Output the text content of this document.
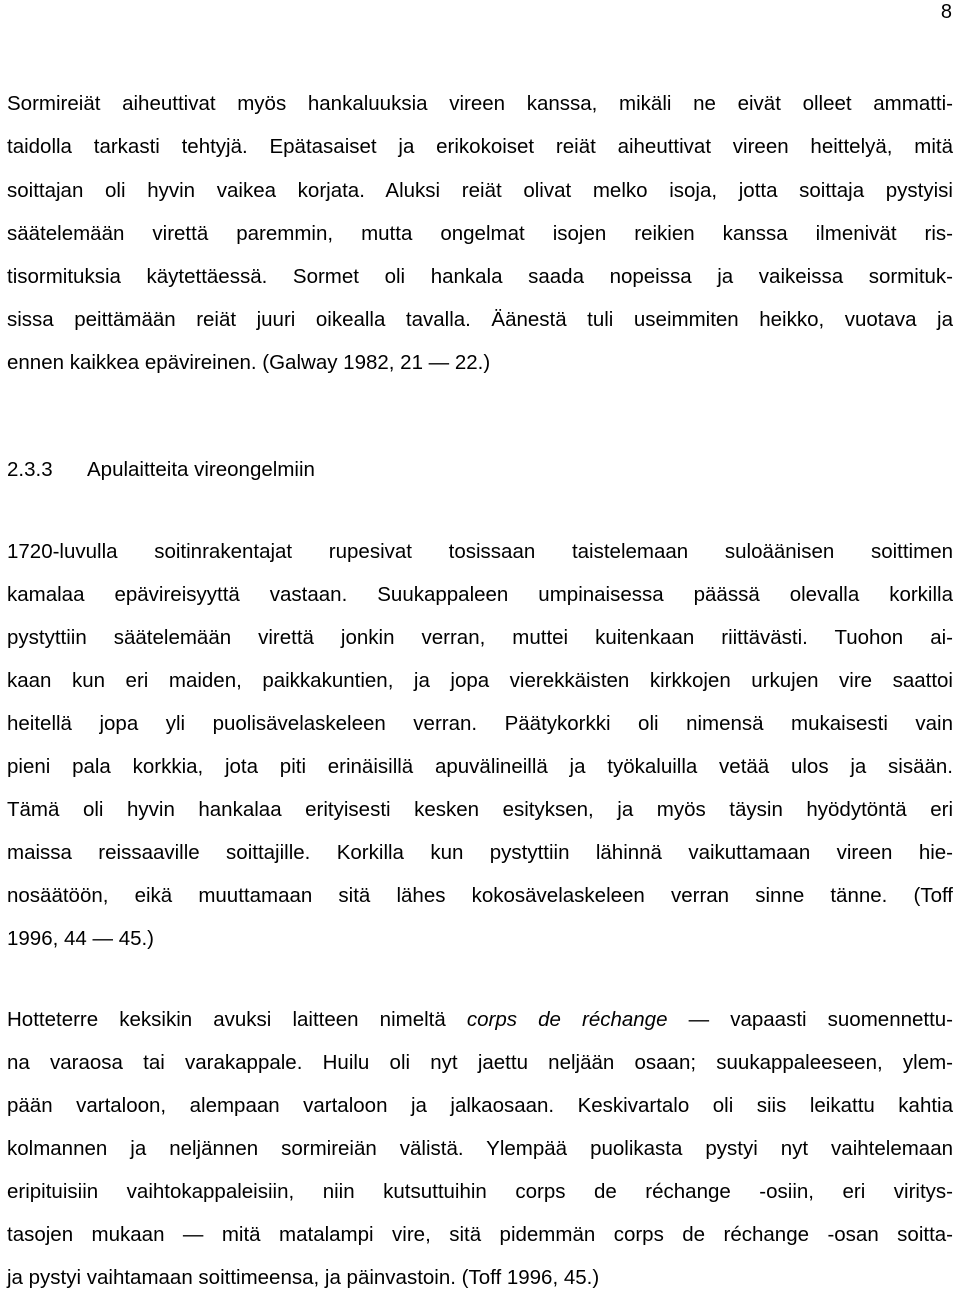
8
Sormireiät aiheuttivat myös hankaluuksia vireen kanssa, mikäli ne eivät olleet ammatti-
taidolla tarkasti tehtyjä. Epätasaiset ja erikokoiset reiät aiheuttivat vireen heittelyä, mitä
soittajan oli hyvin vaikea korjata. Aluksi reiät olivat melko isoja, jotta soittaja pystyisi
säätelemään virettä paremmin, mutta ongelmat isojen reikien kanssa ilmenivät ris-
tisormituksia käytettäessä. Sormet oli hankala saada nopeissa ja vaikeissa sormituk-
sissa peittämään reiät juuri oikealla tavalla. Äänestä tuli useimmiten heikko, vuotava ja
ennen kaikkea epävireinen. (Galway 1982, 21 — 22.)
2.3.3 Apulaitteita vireongelmiin
1720-luvulla soitinrakentajat rupesivat tosissaan taistelemaan suloäänisen soittimen
kamalaa epävireisyyttä vastaan. Suukappaleen umpinaisessa päässä olevalla korkilla
pystyttiin säätelemään virettä jonkin verran, muttei kuitenkaan riittävästi. Tuohon ai-
kaan kun eri maiden, paikkakuntien, ja jopa vierekkäisten kirkkojen urkujen vire saattoi
heitellä jopa yli puolisävelaskeleen verran. Päätykorkki oli nimensä mukaisesti vain
pieni pala korkkia, jota piti erinäisillä apuvälineillä ja työkaluilla vetää ulos ja sisään.
Tämä oli hyvin hankalaa erityisesti kesken esityksen, ja myös täysin hyödytöntä eri
maissa reissaaville soittajille. Korkilla kun pystyttiin lähinnä vaikuttamaan vireen hie-
nosäätöön, eikä muuttamaan sitä lähes kokosävelaskeleen verran sinne tänne. (Toff
1996, 44 — 45.)
Hotteterre keksikin avuksi laitteen nimeltä corps de réchange — vapaasti suomennettu-
na varaosa tai varakappale. Huilu oli nyt jaettu neljään osaan; suukappaleeseen, ylem-
pään vartaloon, alempaan vartaloon ja jalkaosaan. Keskivartalo oli siis leikattu kahtia
kolmannen ja neljännen sormireiän välistä. Ylempää puolikasta pystyi nyt vaihtelemaan
eripituisiin vaihtokappaleisiin, niin kutsuttuihin corps de réchange -osiin, eri viritys-
tasojen mukaan — mitä matalampi vire, sitä pidemmän corps de réchange -osan soitta-
ja pystyi vaihtamaan soittimeensa, ja päinvastoin. (Toff 1996, 45.)
